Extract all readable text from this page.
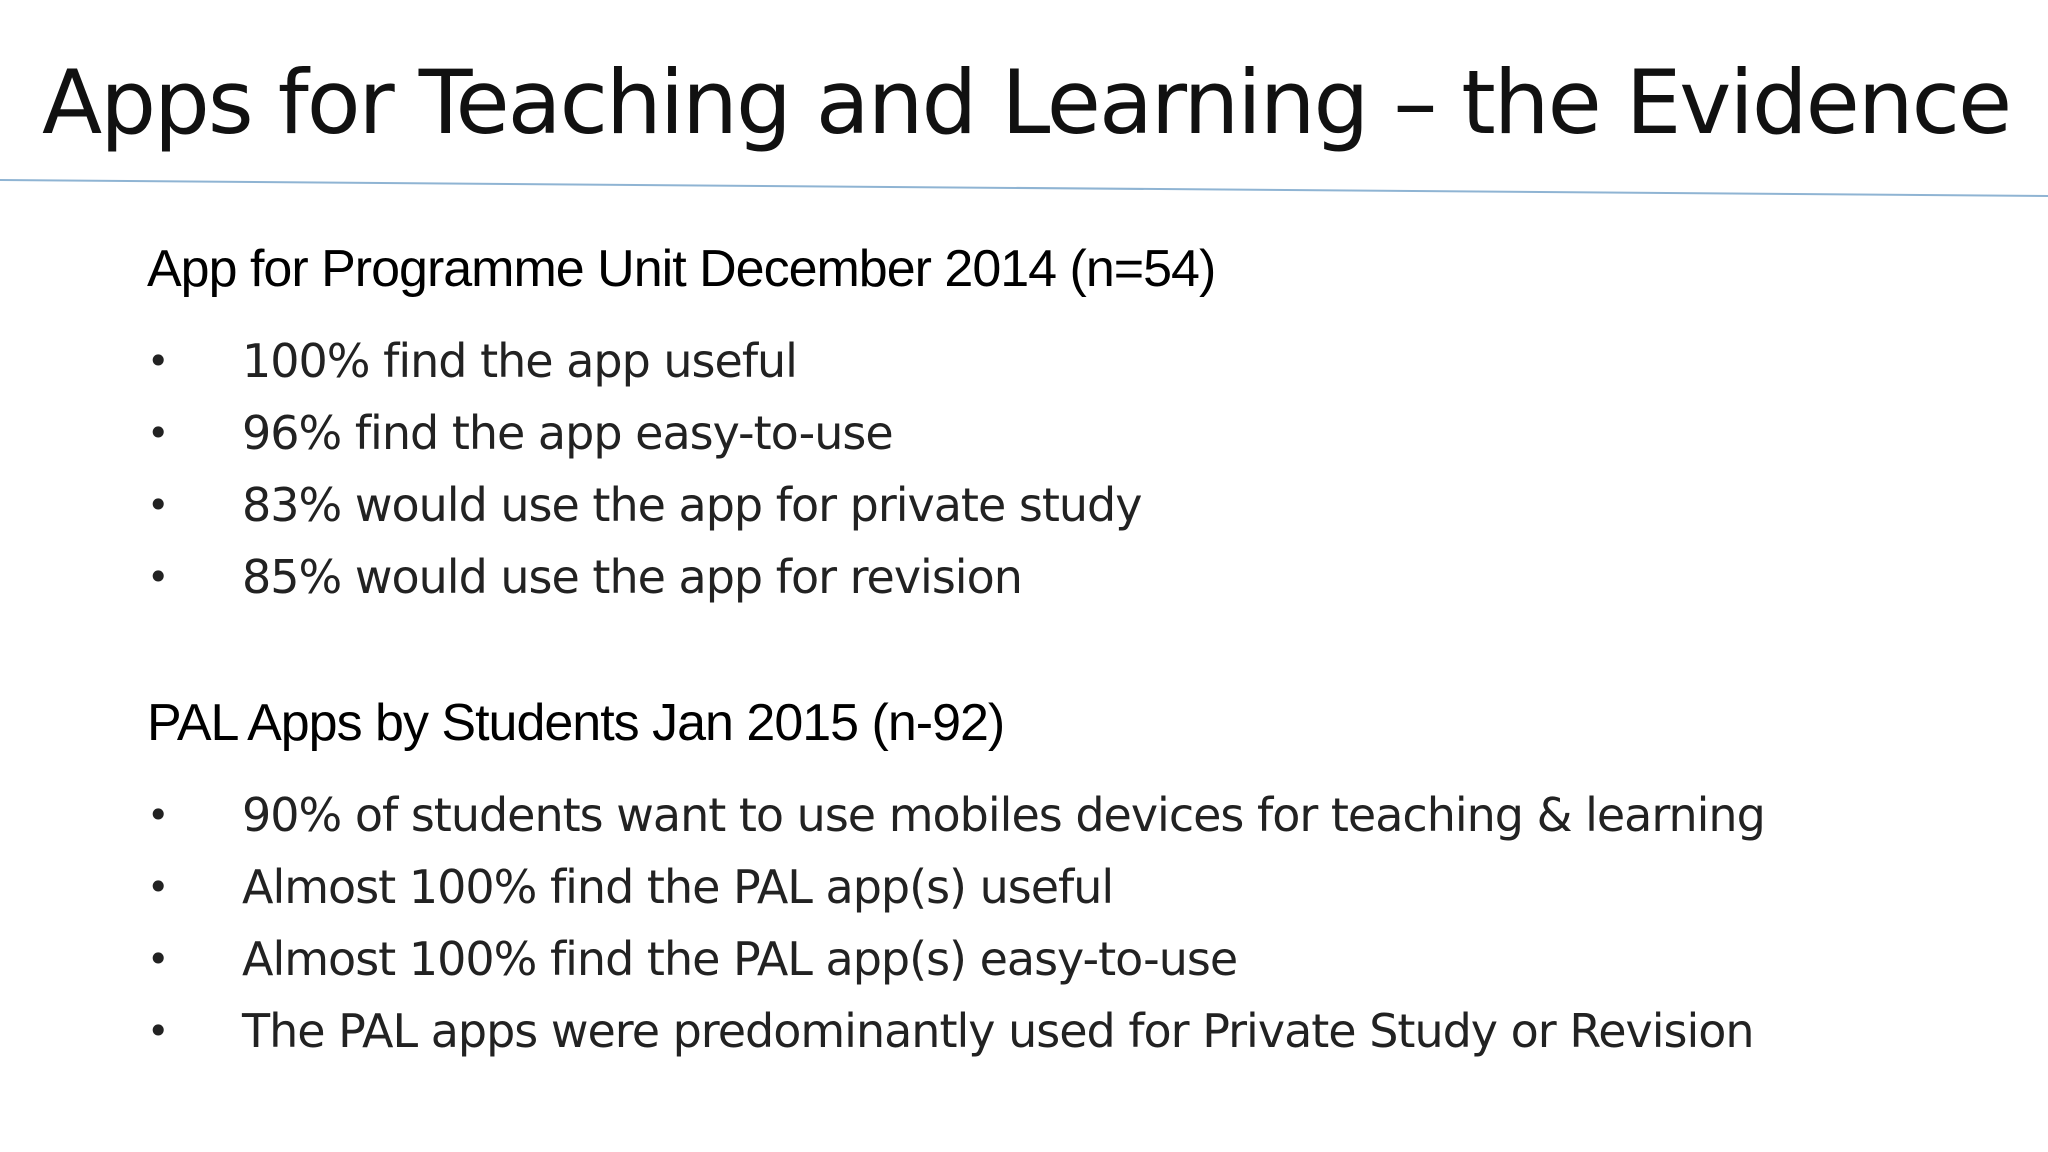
Apps for Teaching and Learning – the Evidence
App for Programme Unit December 2014 (n=54)
• 100% find the app useful
• 96% find the app easy-to-use
• 83% would use the app for private study
• 85% would use the app for revision
PAL Apps by Students Jan 2015 (n-92)
• 90% of students want to use mobiles devices for teaching & learning
• Almost 100% find the PAL app(s) useful
• Almost 100% find the PAL app(s) easy-to-use
• The PAL apps were predominantly used for Private Study or Revision
